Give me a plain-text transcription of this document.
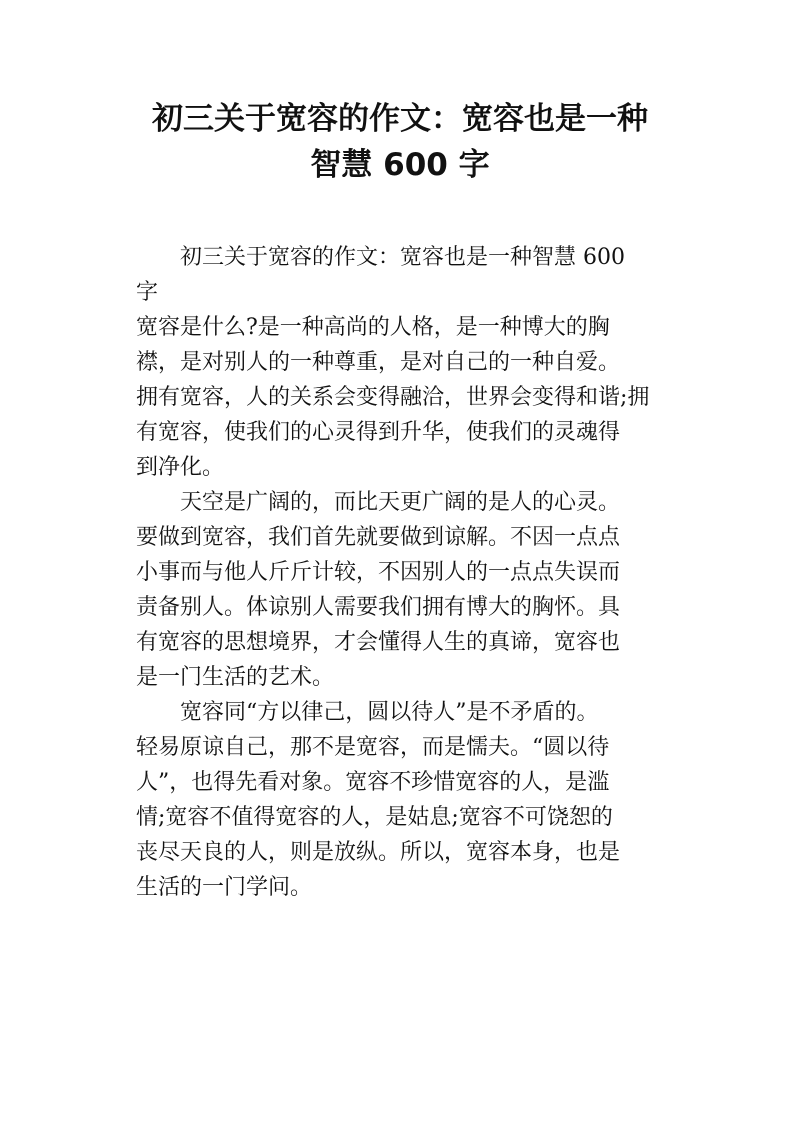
初三关于宽容的作文：宽容也是一种
智慧 600 字
初三关于宽容的作文：宽容也是一种智慧 600
字
宽容是什么?是一种高尚的人格，是一种博大的胸
襟，是对别人的一种尊重，是对自己的一种自爱。
拥有宽容，人的关系会变得融洽，世界会变得和谐;拥
有宽容，使我们的心灵得到升华，使我们的灵魂得
到净化。
天空是广阔的，而比天更广阔的是人的心灵。
要做到宽容，我们首先就要做到谅解。不因一点点
小事而与他人斤斤计较，不因别人的一点点失误而
责备别人。体谅别人需要我们拥有博大的胸怀。具
有宽容的思想境界，才会懂得人生的真谛，宽容也
是一门生活的艺术。
宽容同“方以律己，圆以待人”是不矛盾的。
轻易原谅自己，那不是宽容，而是懦夫。“圆以待
人”，也得先看对象。宽容不珍惜宽容的人，是滥
情;宽容不值得宽容的人，是姑息;宽容不可饶恕的
丧尽天良的人，则是放纵。所以，宽容本身，也是
生活的一门学问。
